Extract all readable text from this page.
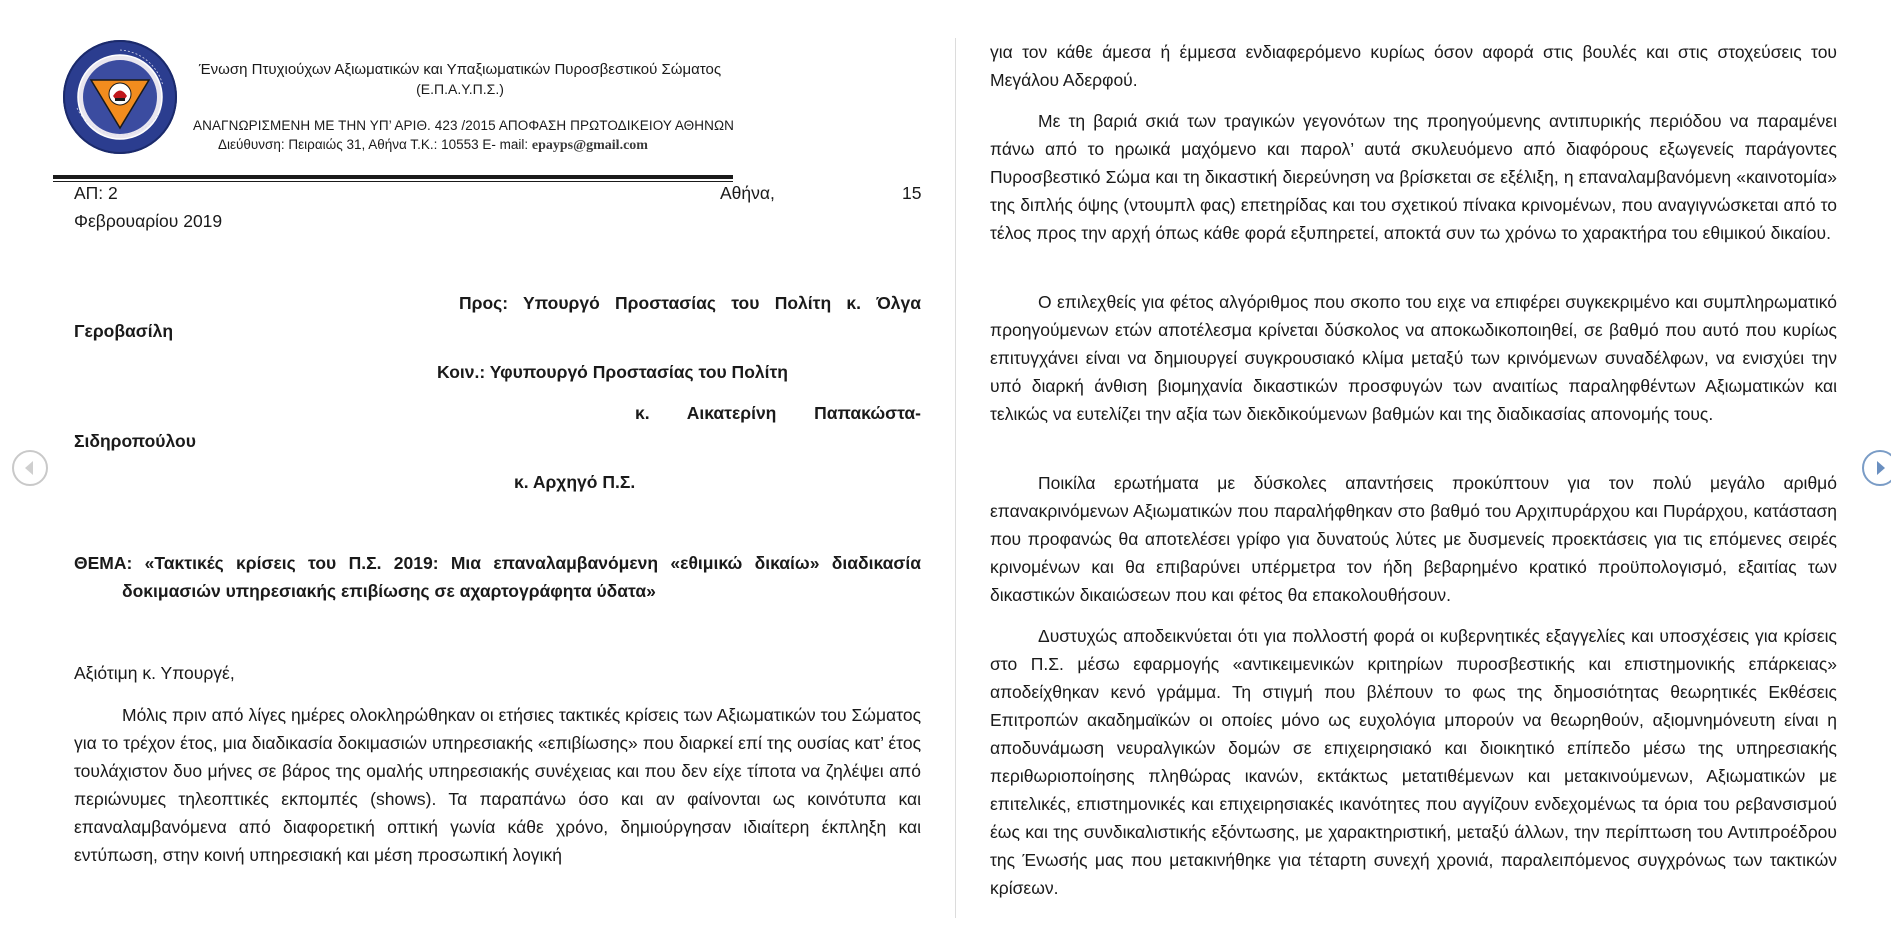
Ένωση Πτυχιούχων Αξιωματικών και Υπαξιωματικών Πυροσβεστικού Σώματος
(Ε.Π.Α.Υ.Π.Σ.)
ΑΝΑΓΝΩΡΙΣΜΕΝΗ ΜΕ ΤΗΝ ΥΠ’ ΑΡΙΘ. 423 /2015 ΑΠΟΦΑΣΗ ΠΡΩΤΟΔΙΚΕΙΟΥ ΑΘΗΝΩΝ
Διεύθυνση: Πειραιώς 31, Αθήνα Τ.Κ.: 10553 E- mail: epayps@gmail.com
ΑΠ: 2	Αθήνα,	15
Φεβρουαρίου 2019
Προς: Υπουργό Προστασίας του Πολίτη κ. Όλγα
Γεροβασίλη
Κοιν.: Υφυπουργό Προστασίας του Πολίτη
κ. Αικατερίνη Παπακώστα-
Σιδηροπούλου
κ. Αρχηγό Π.Σ.

ΘΕΜΑ: «Τακτικές κρίσεις του Π.Σ. 2019: Μια επαναλαμβανόμενη «εθιμικώ δικαίω» διαδικασία δοκιμασιών υπηρεσιακής επιβίωσης σε αχαρτογράφητα ύδατα»

Αξιότιμη κ. Υπουργέ,

Μόλις πριν από λίγες ημέρες ολοκληρώθηκαν οι ετήσιες τακτικές κρίσεις των Αξιωματικών του Σώματος για το τρέχον έτος, μια διαδικασία δοκιμασιών υπηρεσιακής «επιβίωσης» που διαρκεί επί της ουσίας κατ’ έτος τουλάχιστον δυο μήνες σε βάρος της ομαλής υπηρεσιακής συνέχειας και που δεν είχε τίποτα να ζηλέψει από περιώνυμες τηλεοπτικές εκπομπές (shows). Τα παραπάνω όσο και αν φαίνονται ως κοινότυπα και επαναλαμβανόμενα από διαφορετική οπτική γωνία κάθε χρόνο, δημιούργησαν ιδιαίτερη έκπληξη και εντύπωση, στην κοινή υπηρεσιακή και μέση προσωπική λογική

για τον κάθε άμεσα ή έμμεσα ενδιαφερόμενο κυρίως όσον αφορά στις βουλές και στις στοχεύσεις του Μεγάλου Αδερφού.

Με τη βαριά σκιά των τραγικών γεγονότων της προηγούμενης αντιπυρικής περιόδου να παραμένει πάνω από το ηρωικά μαχόμενο και παρολ’ αυτά σκυλευόμενο από διαφόρους εξωγενείς παράγοντες Πυροσβεστικό Σώμα και τη δικαστική διερεύνηση να βρίσκεται σε εξέλιξη, η επαναλαμβανόμενη «καινοτομία» της διπλής όψης (ντουμπλ φας) επετηρίδας και του σχετικού πίνακα κρινομένων, που αναγιγνώσκεται από το τέλος προς την αρχή όπως κάθε φορά εξυπηρετεί, αποκτά συν τω χρόνω το χαρακτήρα του εθιμικού δικαίου.

Ο επιλεχθείς για φέτος αλγόριθμος που σκοπο του ειχε να επιφέρει συγκεκριμένο και συμπληρωματικό προηγούμενων ετών αποτέλεσμα κρίνεται δύσκολος να αποκωδικοποιηθεί, σε βαθμό που αυτό που κυρίως επιτυγχάνει είναι να δημιουργεί συγκρουσιακό κλίμα μεταξύ των κρινόμενων συναδέλφων, να ενισχύει την υπό διαρκή άνθιση βιομηχανία δικαστικών προσφυγών των αναιτίως παραληφθέντων Αξιωματικών και τελικώς να ευτελίζει την αξία των διεκδικούμενων βαθμών και της διαδικασίας απονομής τους.

Ποικίλα ερωτήματα με δύσκολες απαντήσεις προκύπτουν για τον πολύ μεγάλο αριθμό επανακρινόμενων Αξιωματικών που παραλήφθηκαν στο βαθμό του Αρχιπυράρχου και Πυράρχου, κατάσταση που προφανώς θα αποτελέσει γρίφο για δυνατούς λύτες με δυσμενείς προεκτάσεις για τις επόμενες σειρές κρινομένων και θα επιβαρύνει υπέρμετρα τον ήδη βεβαρημένο κρατικό προϋπολογισμό, εξαιτίας των δικαστικών δικαιώσεων που και φέτος θα επακολουθήσουν.

Δυστυχώς αποδεικνύεται ότι για πολλοστή φορά οι κυβερνητικές εξαγγελίες και υποσχέσεις για κρίσεις στο Π.Σ. μέσω εφαρμογής «αντικειμενικών κριτηρίων πυροσβεστικής και επιστημονικής επάρκειας» αποδείχθηκαν κενό γράμμα. Τη στιγμή που βλέπουν το φως της δημοσιότητας θεωρητικές Εκθέσεις Επιτροπών ακαδημαϊκών οι οποίες μόνο ως ευχολόγια μπορούν να θεωρηθούν, αξιομνημόνευτη είναι η αποδυνάμωση νευραλγικών δομών σε επιχειρησιακό και διοικητικό επίπεδο μέσω της υπηρεσιακής περιθωριοποίησης πληθώρας ικανών, εκτάκτως μετατιθέμενων και μετακινούμενων, Αξιωματικών με επιτελικές, επιστημονικές και επιχειρησιακές ικανότητες που αγγίζουν ενδεχομένως τα όρια του ρεβανσισμού έως και της συνδικαλιστικής εξόντωσης, με χαρακτηριστική, μεταξύ άλλων, την περίπτωση του Αντιπροέδρου της Ένωσής μας που μετακινήθηκε για τέταρτη συνεχή χρονιά, παραλειπόμενος συγχρόνως των τακτικών κρίσεων.
